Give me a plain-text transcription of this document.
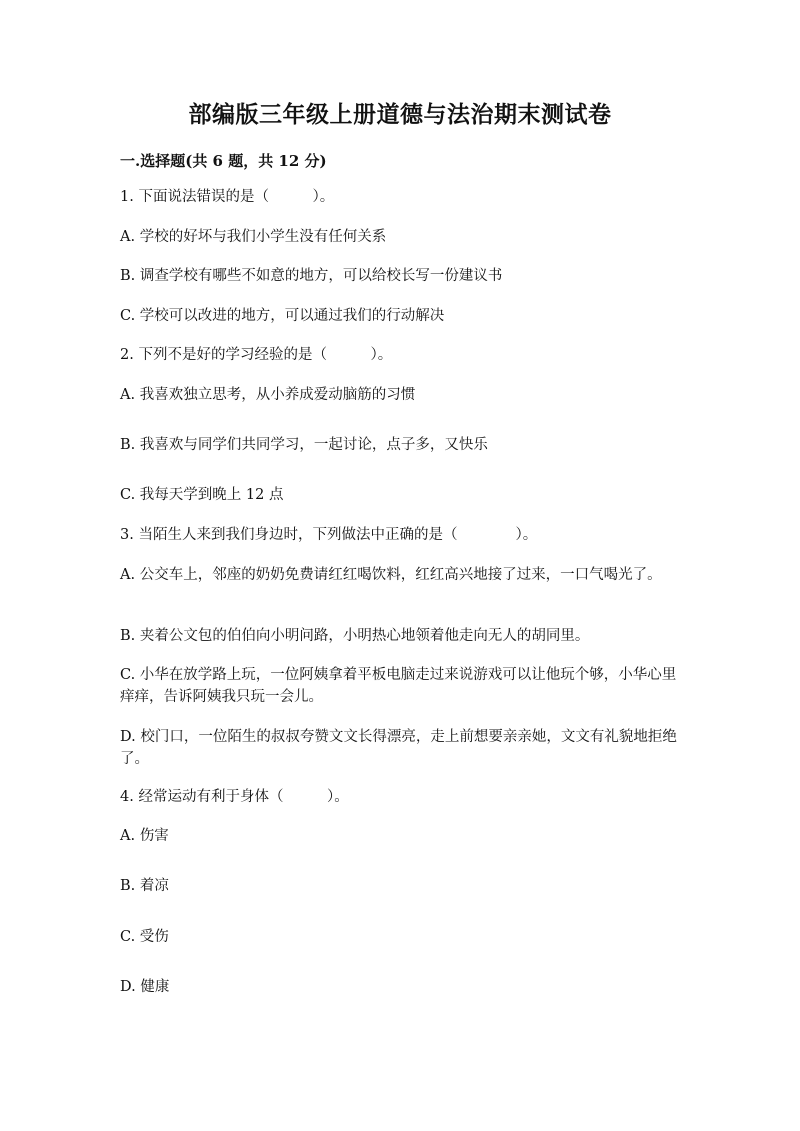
部编版三年级上册道德与法治期末测试卷
一.选择题(共 6 题，共 12 分)
1. 下面说法错误的是（　　　）。
A. 学校的好坏与我们小学生没有任何关系
B. 调查学校有哪些不如意的地方，可以给校长写一份建议书
C. 学校可以改进的地方，可以通过我们的行动解决
2. 下列不是好的学习经验的是（　　　）。
A. 我喜欢独立思考，从小养成爱动脑筋的习惯
B. 我喜欢与同学们共同学习，一起讨论，点子多，又快乐
C. 我每天学到晚上 12 点
3. 当陌生人来到我们身边时，下列做法中正确的是（　　　　）。
A. 公交车上，邻座的奶奶免费请红红喝饮料，红红高兴地接了过来，一口气喝光了。
B. 夹着公文包的伯伯向小明问路，小明热心地领着他走向无人的胡同里。
C. 小华在放学路上玩，一位阿姨拿着平板电脑走过来说游戏可以让他玩个够，小华心里痒痒，告诉阿姨我只玩一会儿。
D. 校门口，一位陌生的叔叔夸赞文文长得漂亮，走上前想要亲亲她，文文有礼貌地拒绝了。
4. 经常运动有利于身体（　　　）。
A. 伤害
B. 着凉
C. 受伤
D. 健康
